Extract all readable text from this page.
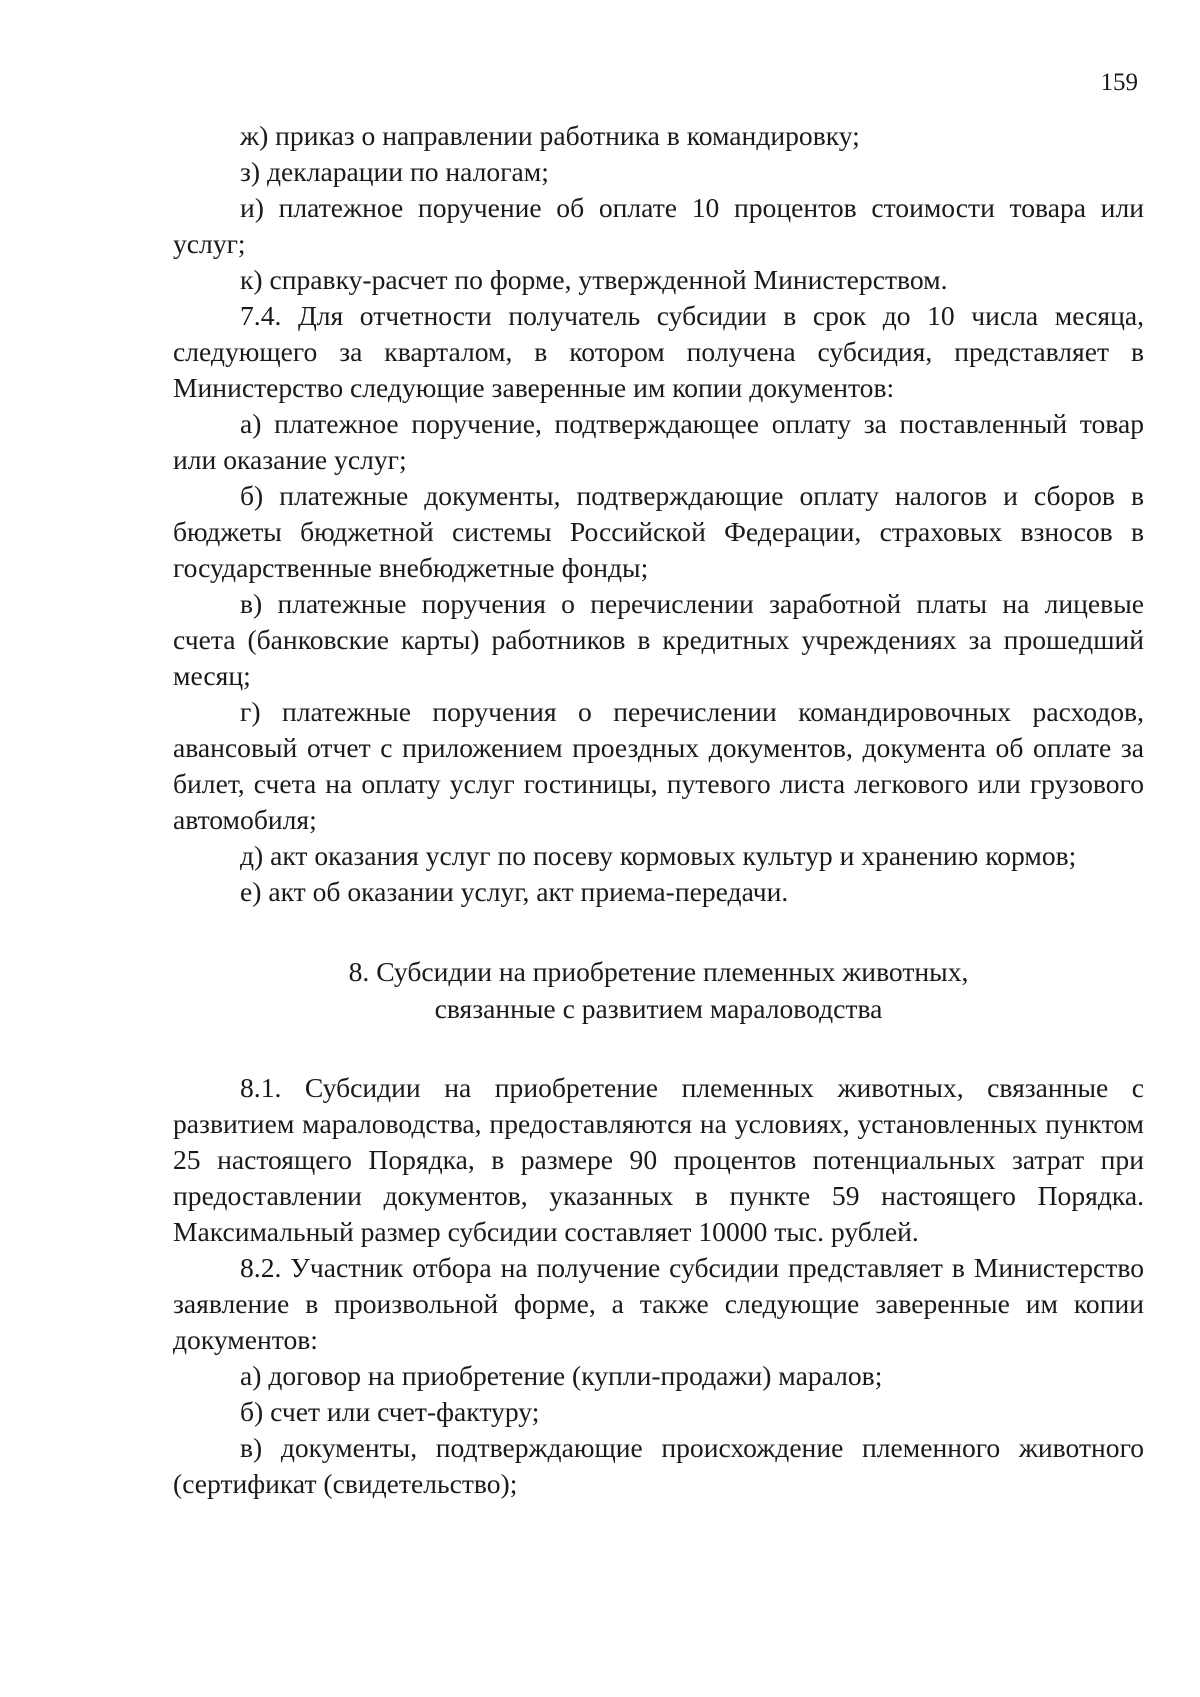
159

ж) приказ о направлении работника в командировку;

з) декларации по налогам;

и) платежное поручение об оплате 10 процентов стоимости товара или услуг;

к) справку-расчет по форме, утвержденной Министерством.

7.4. Для отчетности получатель субсидии в срок до 10 числа месяца, следующего за кварталом, в котором получена субсидия, представляет в Министерство следующие заверенные им копии документов:

а) платежное поручение, подтверждающее оплату за поставленный товар или оказание услуг;

б) платежные документы, подтверждающие оплату налогов и сборов в бюджеты бюджетной системы Российской Федерации, страховых взносов в государственные внебюджетные фонды;

в) платежные поручения о перечислении заработной платы на лицевые счета (банковские карты) работников в кредитных учреждениях за прошедший месяц;

г) платежные поручения о перечислении командировочных расходов, авансовый отчет с приложением проездных документов, документа об оплате за билет, счета на оплату услуг гостиницы, путевого листа легкового или грузового автомобиля;

д) акт оказания услуг по посеву кормовых культур и хранению кормов;

е) акт об оказании услуг, акт приема-передачи.

8. Субсидии на приобретение племенных животных,
связанные с развитием мараловодства

8.1. Субсидии на приобретение племенных животных, связанные с развитием мараловодства, предоставляются на условиях, установленных пунктом 25 настоящего Порядка, в размере 90 процентов потенциальных затрат при предоставлении документов, указанных в пункте 59 настоящего Порядка. Максимальный размер субсидии составляет 10000 тыс. рублей.

8.2. Участник отбора на получение субсидии представляет в Министерство заявление в произвольной форме, а также следующие заверенные им копии документов:

а) договор на приобретение (купли-продажи) маралов;

б) счет или счет-фактуру;

в) документы, подтверждающие происхождение племенного животного (сертификат (свидетельство);
